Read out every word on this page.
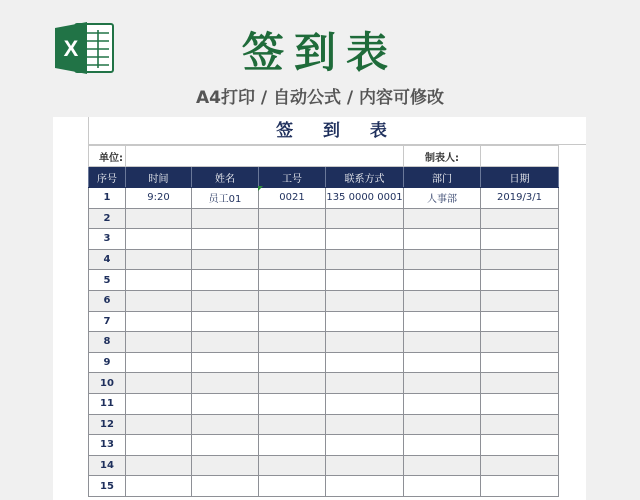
X	签到表
A4打印 / 自动公式 / 内容可修改
签 到 表
单位:					制表人:	
序号	时间	姓名	工号	联系方式	部门	日期
1	9:20	员工01	0021	135 0000 0001	人事部	2019/3/1
2						
3						
4						
5						
6						
7						
8						
9						
10						
11						
12						
13						
14						
15						
